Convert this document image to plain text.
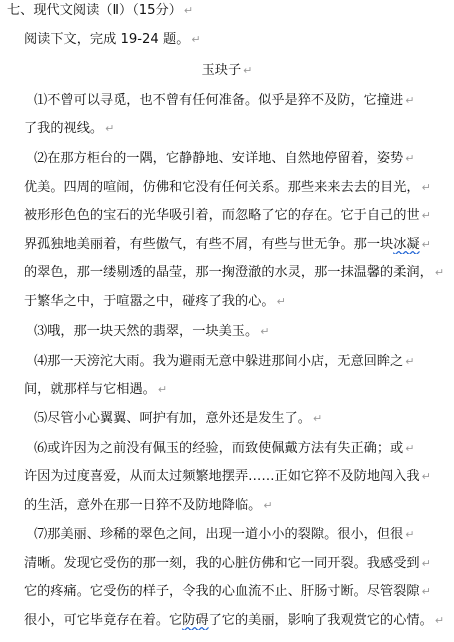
七、现代文阅读（Ⅱ）（15分） ↵
阅读下文，完成 19-24 题。 ↵
玉玦子 ↵
⑴不曾可以寻觅，也不曾有任何准备。似乎是猝不及防，它撞进 ↵
了我的视线。 ↵
⑵在那方柜台的一隅，它静静地、安详地、自然地停留着，姿势 ↵
优美。四周的喧闹，仿佛和它没有任何关系。那些来来去去的目光， ↵
被形形色色的宝石的光华吸引着，而忽略了它的存在。它于自己的世 ↵
界孤独地美丽着，有些傲气，有些不屑，有些与世无争。那一块冰凝 ↵
的翠色，那一缕剔透的晶莹，那一掬澄澈的水灵，那一抹温馨的柔润， ↵
于繁华之中，于喧嚣之中，碰疼了我的心。 ↵
⑶哦，那一块天然的翡翠，一块美玉。 ↵
⑷那一天滂沱大雨。我为避雨无意中躲进那间小店，无意回眸之 ↵
间，就那样与它相遇。 ↵
⑸尽管小心翼翼、呵护有加，意外还是发生了。 ↵
⑹或许因为之前没有佩玉的经验，而致使佩戴方法有失正确；或 ↵
许因为过度喜爱，从而太过频繁地摆弄……正如它猝不及防地闯入我 ↵
的生活，意外在那一日猝不及防地降临。 ↵
⑺那美丽、珍稀的翠色之间，出现一道小小的裂隙。很小，但很 ↵
清晰。发现它受伤的那一刻，我的心脏仿佛和它一同开裂。我感受到 ↵
它的疼痛。它受伤的样子，令我的心血流不止、肝肠寸断。尽管裂隙 ↵
很小，可它毕竟存在着。它防碍了它的美丽，影响了我观赏它的心情。 ↵
